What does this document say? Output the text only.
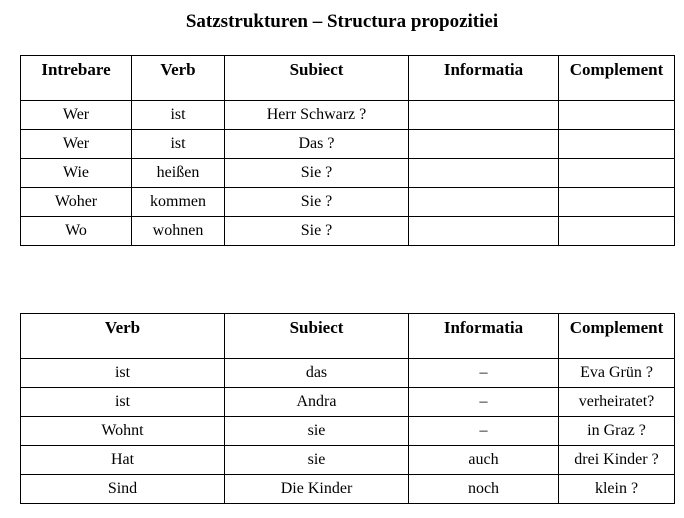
Satzstrukturen – Structura propozitiei
Intrebare	Verb	Subiect	Informatia	Complement
Wer	ist	Herr Schwarz ?		
Wer	ist	Das ?		
Wie	heißen	Sie ?		
Woher	kommen	Sie ?		
Wo	wohnen	Sie ?		
Verb	Subiect	Informatia	Complement
ist	das	–	Eva Grün ?
ist	Andra	–	verheiratet?
Wohnt	sie	–	in Graz ?
Hat	sie	auch	drei Kinder ?
Sind	Die Kinder	noch	klein ?
